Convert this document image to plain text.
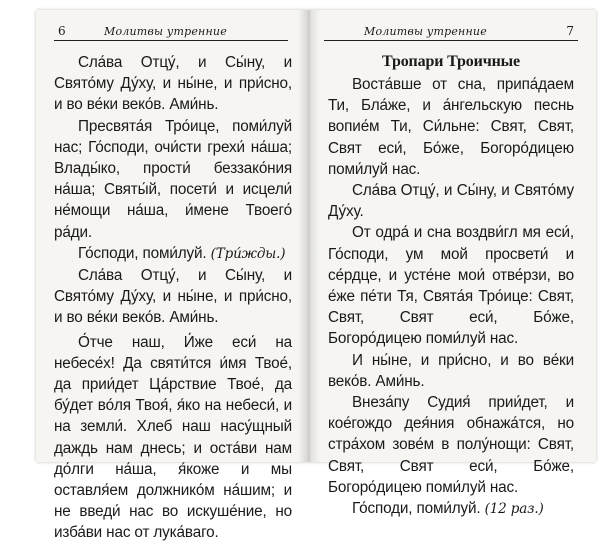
6	Молитвы утренние

Сла́ва Отцу́, и Сы́ну, и Свято́му Ду́ху, и ны́не, и при́сно, и во ве́ки веко́в. Ами́нь.

Пресвята́я Тро́ице, поми́луй нас; Го́споди, очи́сти грехи́ на́ша; Влады́ко, прости́ беззако́ния на́ша; Святы́й, посети́ и исцели́ не́мощи на́ша, и́мене Твоего́ ра́ди.

Го́споди, поми́луй. (Три́жды.)

Сла́ва Отцу́, и Сы́ну, и Свято́му Ду́ху, и ны́не, и при́сно, и во ве́ки веко́в. Ами́нь.

О́тче наш, И́же еси́ на небесе́х! Да святи́тся и́мя Твое́, да прии́дет Ца́рствие Твое́, да бу́дет во́ля Твоя́, я́ко на небеси́, и на земли́. Хлеб наш насу́щный даждь нам днесь; и оста́ви нам до́лги на́ша, я́коже и мы оставля́ем должнико́м на́шим; и не введи́ нас во искуше́ние, но изба́ви нас от лука́ваго.

Молитвы утренние	7
Тропари Троичные

Воста́вше от сна, припа́даем Ти, Бла́же, и а́нгельскую песнь вопие́м Ти, Си́льне: Свят, Свят, Свят еси́, Бо́же, Богоро́дицею поми́луй нас.

Сла́ва Отцу́, и Сы́ну, и Свято́му Ду́ху.

От одра́ и сна воздви́гл мя еси́, Го́споди, ум мой просвети́ и се́рдце, и усте́не мои́ отве́рзи, во е́же пе́ти Тя, Свята́я Тро́ице: Свят, Свят, Свят еси́, Бо́же, Богоро́дицею поми́луй нас.

И ны́не, и при́сно, и во ве́ки веко́в. Ами́нь.

Внеза́пу Судия́ прии́дет, и кое́гождо дея́ния обнажа́тся, но стра́хом зове́м в полу́нощи: Свят, Свят, Свят еси́, Бо́же, Богоро́дицею поми́луй нас.

Го́споди, поми́луй. (12 раз.)
